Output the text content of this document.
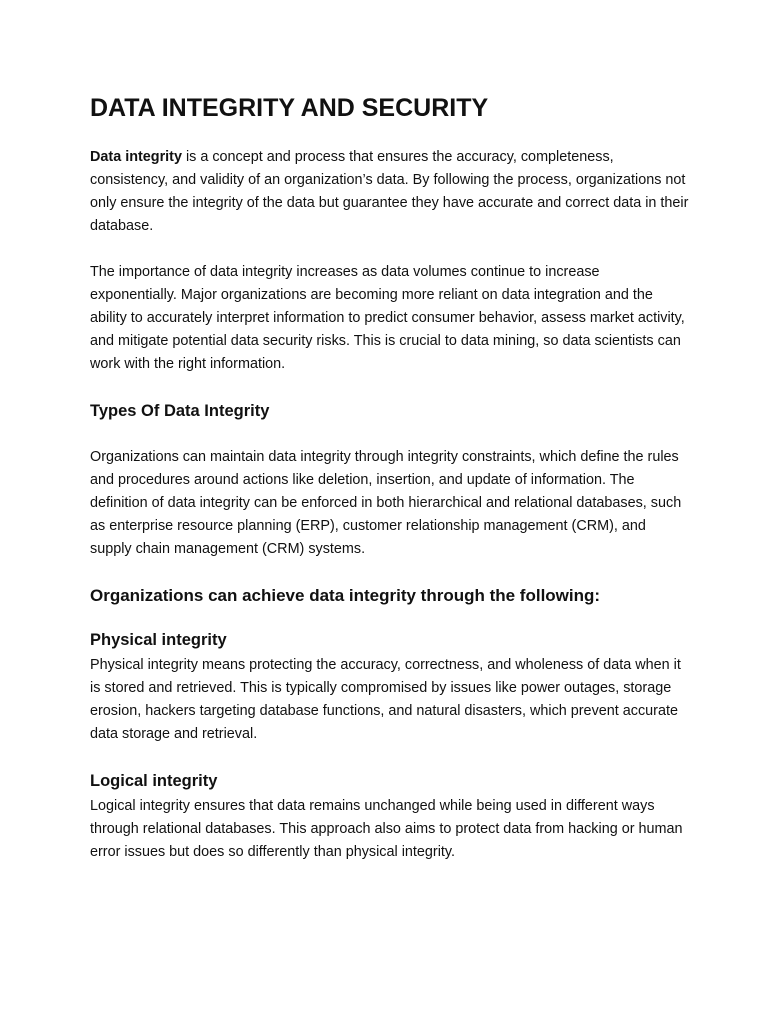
DATA INTEGRITY AND SECURITY

Data integrity is a concept and process that ensures the accuracy, completeness, consistency, and validity of an organization’s data. By following the process, organizations not only ensure the integrity of the data but guarantee they have accurate and correct data in their database.

The importance of data integrity increases as data volumes continue to increase exponentially. Major organizations are becoming more reliant on data integration and the ability to accurately interpret information to predict consumer behavior, assess market activity, and mitigate potential data security risks. This is crucial to data mining, so data scientists can work with the right information.

Types Of Data Integrity

Organizations can maintain data integrity through integrity constraints, which define the rules and procedures around actions like deletion, insertion, and update of information. The definition of data integrity can be enforced in both hierarchical and relational databases, such as enterprise resource planning (ERP), customer relationship management (CRM), and supply chain management (CRM) systems.

Organizations can achieve data integrity through the following:
Physical integrity

Physical integrity means protecting the accuracy, correctness, and wholeness of data when it is stored and retrieved. This is typically compromised by issues like power outages, storage erosion, hackers targeting database functions, and natural disasters, which prevent accurate data storage and retrieval.

Logical integrity

Logical integrity ensures that data remains unchanged while being used in different ways through relational databases. This approach also aims to protect data from hacking or human error issues but does so differently than physical integrity.
